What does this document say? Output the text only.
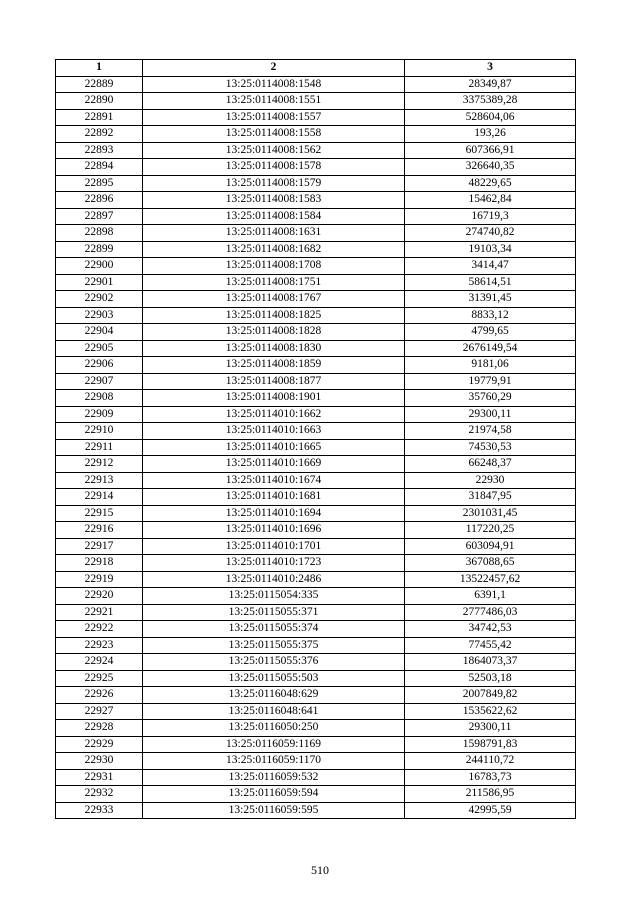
1	2	3
22889	13:25:0114008:1548	28349,87
22890	13:25:0114008:1551	3375389,28
22891	13:25:0114008:1557	528604,06
22892	13:25:0114008:1558	193,26
22893	13:25:0114008:1562	607366,91
22894	13:25:0114008:1578	326640,35
22895	13:25:0114008:1579	48229,65
22896	13:25:0114008:1583	15462,84
22897	13:25:0114008:1584	16719,3
22898	13:25:0114008:1631	274740,82
22899	13:25:0114008:1682	19103,34
22900	13:25:0114008:1708	3414,47
22901	13:25:0114008:1751	58614,51
22902	13:25:0114008:1767	31391,45
22903	13:25:0114008:1825	8833,12
22904	13:25:0114008:1828	4799,65
22905	13:25:0114008:1830	2676149,54
22906	13:25:0114008:1859	9181,06
22907	13:25:0114008:1877	19779,91
22908	13:25:0114008:1901	35760,29
22909	13:25:0114010:1662	29300,11
22910	13:25:0114010:1663	21974,58
22911	13:25:0114010:1665	74530,53
22912	13:25:0114010:1669	66248,37
22913	13:25:0114010:1674	22930
22914	13:25:0114010:1681	31847,95
22915	13:25:0114010:1694	2301031,45
22916	13:25:0114010:1696	117220,25
22917	13:25:0114010:1701	603094,91
22918	13:25:0114010:1723	367088,65
22919	13:25:0114010:2486	13522457,62
22920	13:25:0115054:335	6391,1
22921	13:25:0115055:371	2777486,03
22922	13:25:0115055:374	34742,53
22923	13:25:0115055:375	77455,42
22924	13:25:0115055:376	1864073,37
22925	13:25:0115055:503	52503,18
22926	13:25:0116048:629	2007849,82
22927	13:25:0116048:641	1535622,62
22928	13:25:0116050:250	29300,11
22929	13:25:0116059:1169	1598791,83
22930	13:25:0116059:1170	244110,72
22931	13:25:0116059:532	16783,73
22932	13:25:0116059:594	211586,95
22933	13:25:0116059:595	42995,59
510
